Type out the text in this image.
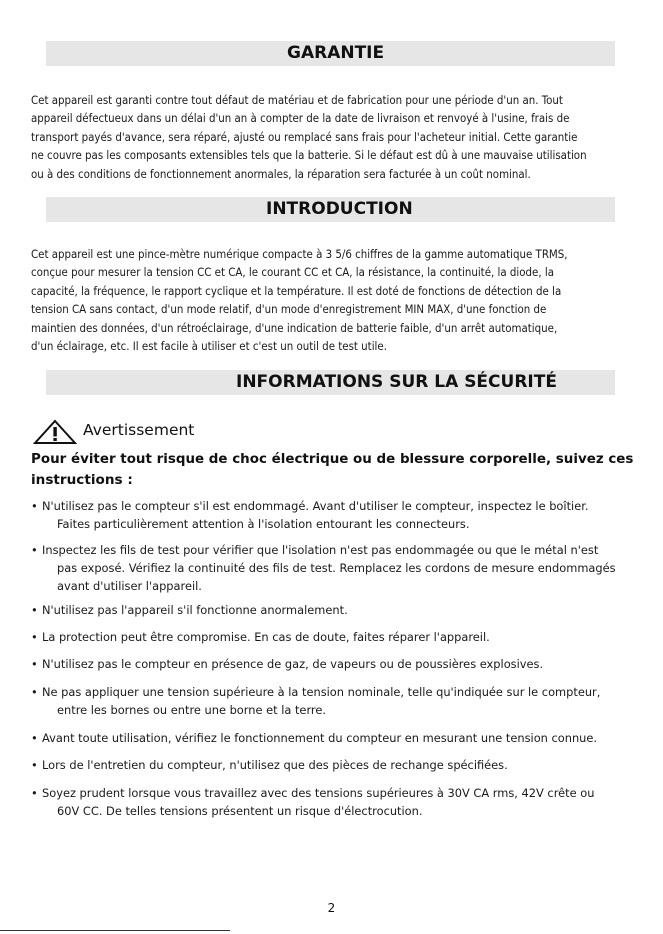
GARANTIE
Cet appareil est garanti contre tout défaut de matériau et de fabrication pour une période d'un an. Tout
appareil défectueux dans un délai d'un an à compter de la date de livraison et renvoyé à l'usine, frais de
transport payés d'avance, sera réparé, ajusté ou remplacé sans frais pour l'acheteur initial. Cette garantie
ne couvre pas les composants extensibles tels que la batterie. Si le défaut est dû à une mauvaise utilisation
ou à des conditions de fonctionnement anormales, la réparation sera facturée à un coût nominal.
INTRODUCTION
Cet appareil est une pince-mètre numérique compacte à 3 5/6 chiffres de la gamme automatique TRMS,
conçue pour mesurer la tension CC et CA, le courant CC et CA, la résistance, la continuité, la diode, la
capacité, la fréquence, le rapport cyclique et la température. Il est doté de fonctions de détection de la
tension CA sans contact, d'un mode relatif, d'un mode d'enregistrement MIN MAX, d'une fonction de
maintien des données, d'un rétroéclairage, d'une indication de batterie faible, d'un arrêt automatique,
d'un éclairage, etc. Il est facile à utiliser et c'est un outil de test utile.
INFORMATIONS SUR LA SÉCURITÉ
Avertissement
Pour éviter tout risque de choc électrique ou de blessure corporelle, suivez ces
instructions :
• N'utilisez pas le compteur s'il est endommagé. Avant d'utiliser le compteur, inspectez le boîtier.
Faites particulièrement attention à l'isolation entourant les connecteurs.
• Inspectez les fils de test pour vérifier que l'isolation n'est pas endommagée ou que le métal n'est
pas exposé. Vérifiez la continuité des fils de test. Remplacez les cordons de mesure endommagés
avant d'utiliser l'appareil.
• N'utilisez pas l'appareil s'il fonctionne anormalement.
• La protection peut être compromise. En cas de doute, faites réparer l'appareil.
• N'utilisez pas le compteur en présence de gaz, de vapeurs ou de poussières explosives.
• Ne pas appliquer une tension supérieure à la tension nominale, telle qu'indiquée sur le compteur,
entre les bornes ou entre une borne et la terre.
• Avant toute utilisation, vérifiez le fonctionnement du compteur en mesurant une tension connue.
• Lors de l'entretien du compteur, n'utilisez que des pièces de rechange spécifiées.
• Soyez prudent lorsque vous travaillez avec des tensions supérieures à 30V CA rms, 42V crête ou
60V CC. De telles tensions présentent un risque d'électrocution.
2
